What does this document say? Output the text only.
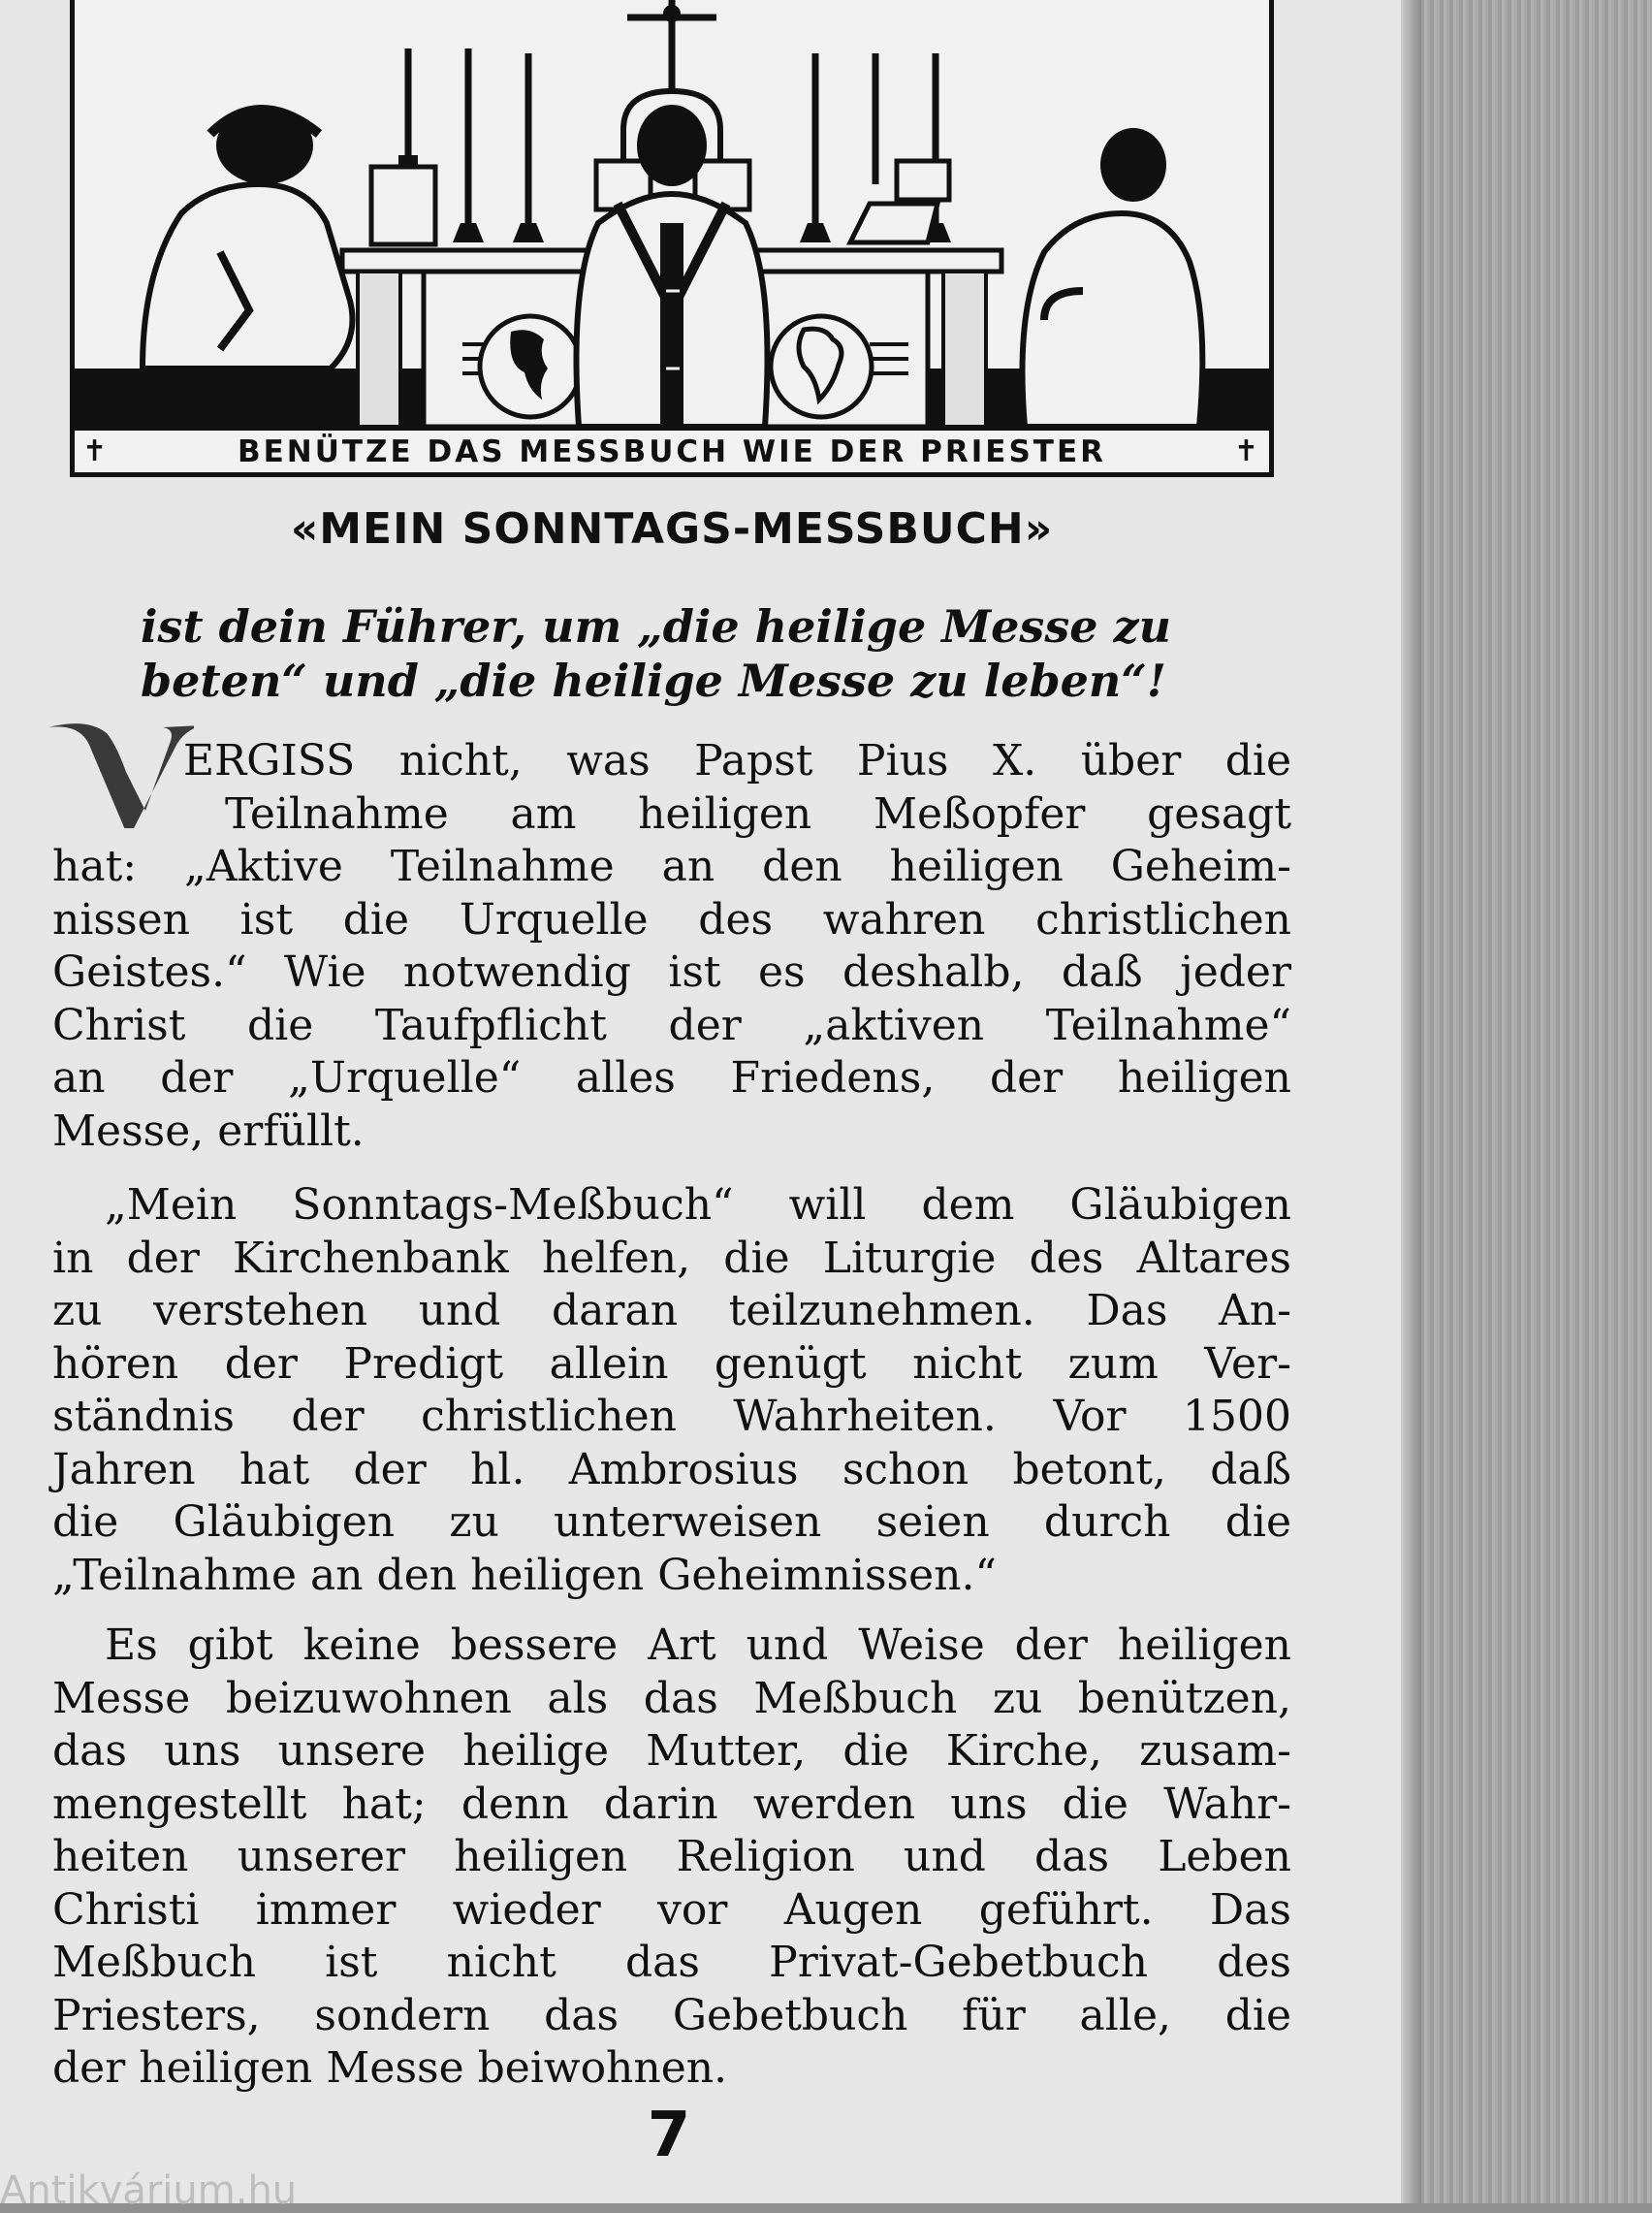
✝	BENÜTZE DAS MESSBUCH WIE DER PRIESTER	✝
«MEIN SONNTAGS-MESSBUCH»
ist dein Führer, um „die heilige Messe zu
beten“ und „die heilige Messe zu leben“!
V
ERGISS nicht, was Papst Pius X. über die
Teilnahme am heiligen Meßopfer gesagt
hat: „Aktive Teilnahme an den heiligen Geheim-
nissen ist die Urquelle des wahren christlichen
Geistes.“ Wie notwendig ist es deshalb, daß jeder
Christ die Taufpflicht der „aktiven Teilnahme“
an der „Urquelle“ alles Friedens, der heiligen
Messe, erfüllt.
„Mein Sonntags-Meßbuch“ will dem Gläubigen
in der Kirchenbank helfen, die Liturgie des Altares
zu verstehen und daran teilzunehmen. Das An-
hören der Predigt allein genügt nicht zum Ver-
ständnis der christlichen Wahrheiten. Vor 1500
Jahren hat der hl. Ambrosius schon betont, daß
die Gläubigen zu unterweisen seien durch die
„Teilnahme an den heiligen Geheimnissen.“
Es gibt keine bessere Art und Weise der heiligen
Messe beizuwohnen als das Meßbuch zu benützen,
das uns unsere heilige Mutter, die Kirche, zusam-
mengestellt hat; denn darin werden uns die Wahr-
heiten unserer heiligen Religion und das Leben
Christi immer wieder vor Augen geführt. Das
Meßbuch ist nicht das Privat-Gebetbuch des
Priesters, sondern das Gebetbuch für alle, die
der heiligen Messe beiwohnen.
7
Antikvárium.hu
